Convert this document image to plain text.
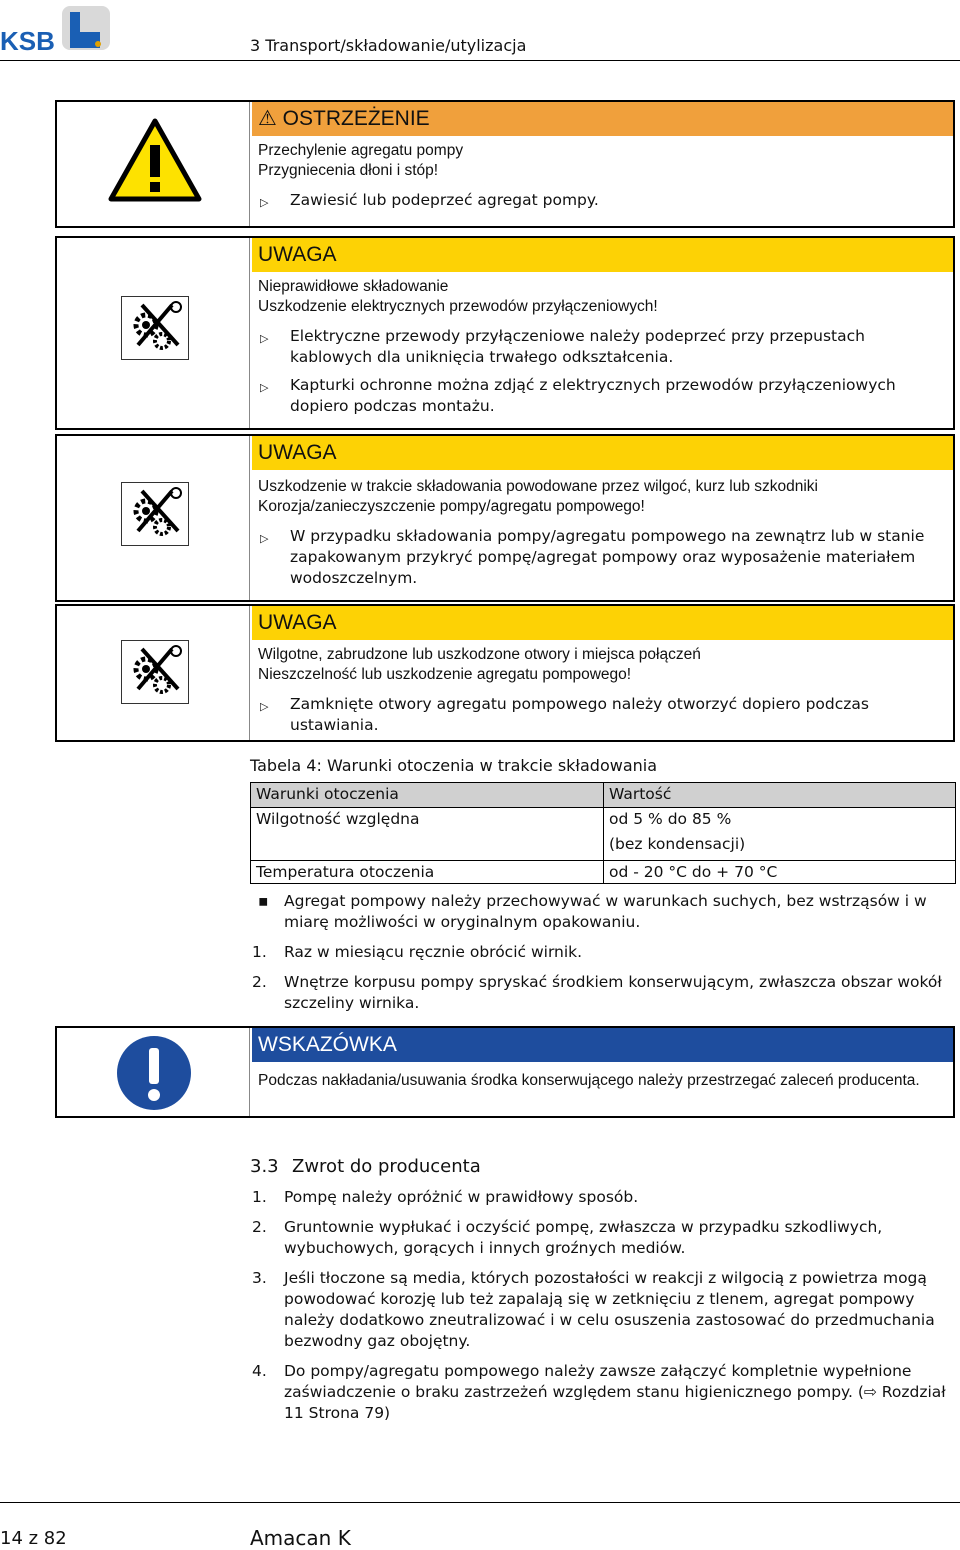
KSB	3 Transport/składowanie/utylizacja
⚠ OSTRZEŻENIE
Przechylenie agregatu pompy
Przygniecenia dłoni i stóp!
▷ Zawiesić lub podeprzeć agregat pompy.
UWAGA
Nieprawidłowe składowanie
Uszkodzenie elektrycznych przewodów przyłączeniowych!
▷ Elektryczne przewody przyłączeniowe należy podeprzeć przy przepustach kablowych dla uniknięcia trwałego odkształcenia.
▷ Kapturki ochronne można zdjąć z elektrycznych przewodów przyłączeniowych dopiero podczas montażu.
UWAGA
Uszkodzenie w trakcie składowania powodowane przez wilgoć, kurz lub szkodniki
Korozja/zanieczyszczenie pompy/agregatu pompowego!
▷ W przypadku składowania pompy/agregatu pompowego na zewnątrz lub w stanie zapakowanym przykryć pompę/agregat pompowy oraz wyposażenie materiałem wodoszczelnym.
UWAGA
Wilgotne, zabrudzone lub uszkodzone otwory i miejsca połączeń
Nieszczelność lub uszkodzenie agregatu pompowego!
▷ Zamknięte otwory agregatu pompowego należy otworzyć dopiero podczas ustawiania.
Tabela 4: Warunki otoczenia w trakcie składowania
Warunki otoczenia	Wartość
Wilgotność względna	od 5 % do 85 %
(bez kondensacji)

Temperatura otoczenia	od - 20 °C do + 70 °C
▪ Agregat pompowy należy przechowywać w warunkach suchych, bez wstrząsów i w miarę możliwości w oryginalnym opakowaniu.
1. Raz w miesiącu ręcznie obrócić wirnik.
2. Wnętrze korpusu pompy spryskać środkiem konserwującym, zwłaszcza obszar wokół szczeliny wirnika.
WSKAZÓWKA
Podczas nakładania/usuwania środka konserwującego należy przestrzegać zaleceń producenta.
3.3 Zwrot do producenta
1. Pompę należy opróżnić w prawidłowy sposób.
2. Gruntownie wypłukać i oczyścić pompę, zwłaszcza w przypadku szkodliwych, wybuchowych, gorących i innych groźnych mediów.
3. Jeśli tłoczone są media, których pozostałości w reakcji z wilgocią z powietrza mogą powodować korozję lub też zapalają się w zetknięciu z tlenem, agregat pompowy należy dodatkowo zneutralizować i w celu osuszenia zastosować do przedmuchania bezwodny gaz obojętny.
4. Do pompy/agregatu pompowego należy zawsze załączyć kompletnie wypełnione zaświadczenie o braku zastrzeżeń względem stanu higienicznego pompy. (⇨ Rozdział 11 Strona 79)
14 z 82	Amacan K
